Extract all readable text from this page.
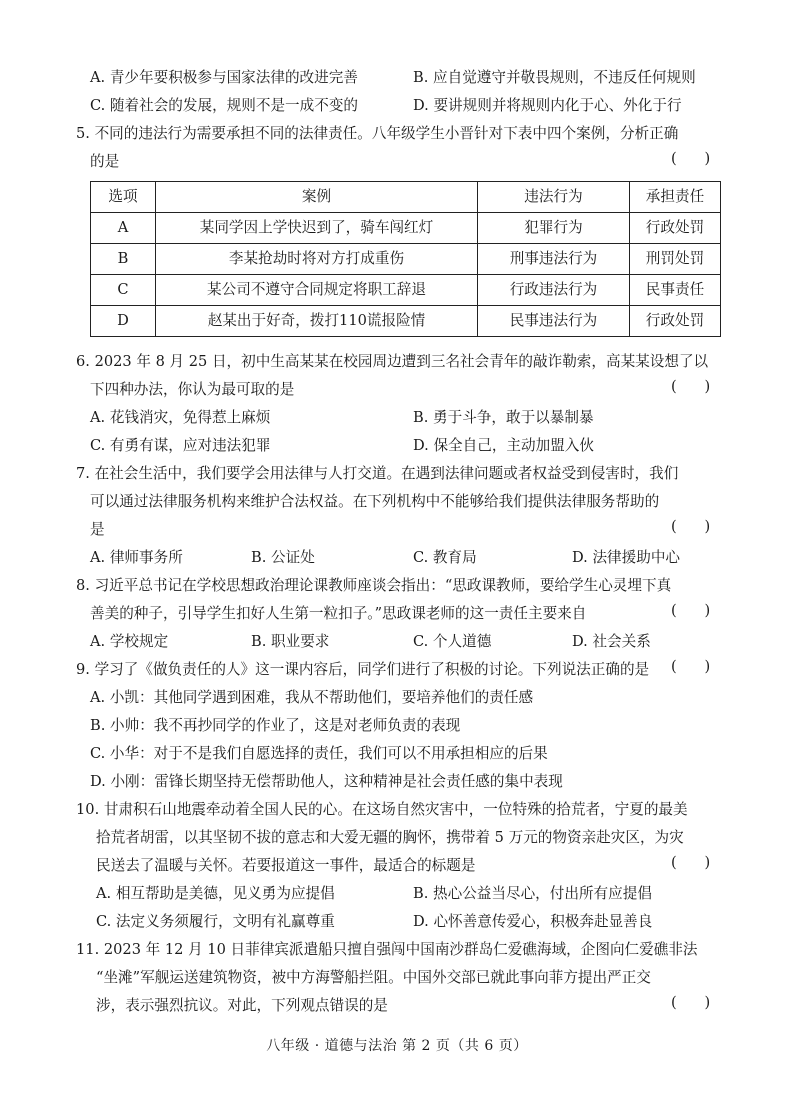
A. 青少年要积极参与国家法律的改进完善	B. 应自觉遵守并敬畏规则，不违反任何规则
C. 随着社会的发展，规则不是一成不变的	D. 要讲规则并将规则内化于心、外化于行
5. 不同的违法行为需要承担不同的法律责任。八年级学生小晋针对下表中四个案例，分析正确
的是	(      )
选项	案例	违法行为	承担责任
A	某同学因上学快迟到了，骑车闯红灯	犯罪行为	行政处罚
B	李某抢劫时将对方打成重伤	刑事违法行为	刑罚处罚
C	某公司不遵守合同规定将职工辞退	行政违法行为	民事责任
D	赵某出于好奇，拨打110谎报险情	民事违法行为	行政处罚
6. 2023 年 8 月 25 日，初中生高某某在校园周边遭到三名社会青年的敲诈勒索，高某某设想了以
下四种办法，你认为最可取的是	(      )
A. 花钱消灾，免得惹上麻烦	B. 勇于斗争，敢于以暴制暴
C. 有勇有谋，应对违法犯罪	D. 保全自己，主动加盟入伙
7. 在社会生活中，我们要学会用法律与人打交道。在遇到法律问题或者权益受到侵害时，我们
可以通过法律服务机构来维护合法权益。在下列机构中不能够给我们提供法律服务帮助的
是	(      )
A. 律师事务所	B. 公证处	C. 教育局	D. 法律援助中心
8. 习近平总书记在学校思想政治理论课教师座谈会指出：“思政课教师，要给学生心灵埋下真
善美的种子，引导学生扣好人生第一粒扣子。”思政课老师的这一责任主要来自	(      )
A. 学校规定	B. 职业要求	C. 个人道德	D. 社会关系
9. 学习了《做负责任的人》这一课内容后，同学们进行了积极的讨论。下列说法正确的是 (      )
A. 小凯：其他同学遇到困难，我从不帮助他们，要培养他们的责任感
B. 小帅：我不再抄同学的作业了，这是对老师负责的表现
C. 小华：对于不是我们自愿选择的责任，我们可以不用承担相应的后果
D. 小刚：雷锋长期坚持无偿帮助他人，这种精神是社会责任感的集中表现
10. 甘肃积石山地震牵动着全国人民的心。在这场自然灾害中，一位特殊的拾荒者，宁夏的最美
拾荒者胡雷，以其坚韧不拔的意志和大爱无疆的胸怀，携带着 5 万元的物资亲赴灾区，为灾
民送去了温暖与关怀。若要报道这一事件，最适合的标题是	(      )
A. 相互帮助是美德，见义勇为应提倡	B. 热心公益当尽心，付出所有应提倡
C. 法定义务须履行，文明有礼赢尊重	D. 心怀善意传爱心，积极奔赴显善良
11. 2023 年 12 月 10 日菲律宾派遣船只擅自强闯中国南沙群岛仁爱礁海域，企图向仁爱礁非法
“坐滩”军舰运送建筑物资，被中方海警船拦阻。中国外交部已就此事向菲方提出严正交
涉，表示强烈抗议。对此，下列观点错误的是	(      )
八年级 · 道德与法治 第 2 页（共 6 页）
